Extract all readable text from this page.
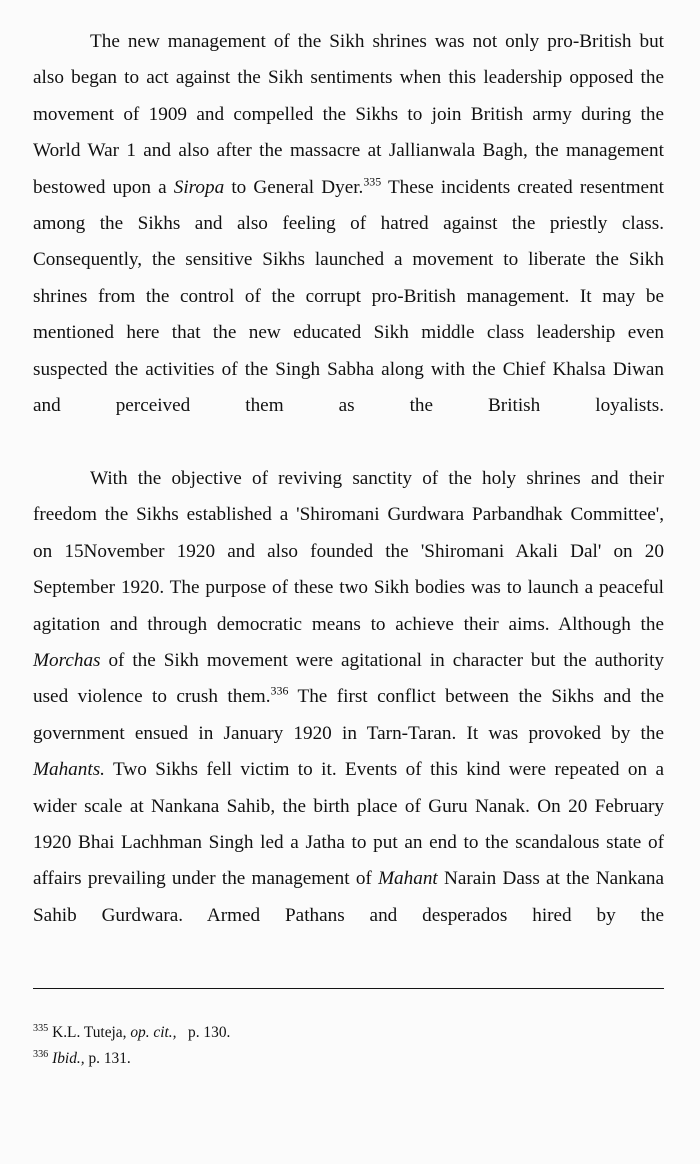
The new management of the Sikh shrines was not only pro-British but also began to act against the Sikh sentiments when this leadership opposed the movement of 1909 and compelled the Sikhs to join British army during the World War 1 and also after the massacre at Jallianwala Bagh, the management bestowed upon a Siropa to General Dyer.$^{335}$ These incidents created resentment among the Sikhs and also feeling of hatred against the priestly class. Consequently, the sensitive Sikhs launched a movement to liberate the Sikh shrines from the control of the corrupt pro-British management. It may be mentioned here that the new educated Sikh middle class leadership even suspected the activities of the Singh Sabha along with the Chief Khalsa Diwan and perceived them as the British loyalists.

With the objective of reviving sanctity of the holy shrines and their freedom the Sikhs established a 'Shiromani Gurdwara Parbandhak Committee', on 15November 1920 and also founded the 'Shiromani Akali Dal' on 20 September 1920. The purpose of these two Sikh bodies was to launch a peaceful agitation and through democratic means to achieve their aims. Although the Morchas of the Sikh movement were agitational in character but the authority used violence to crush them.$^{336}$ The first conflict between the Sikhs and the government ensued in January 1920 in Tarn-Taran. It was provoked by the Mahants. Two Sikhs fell victim to it. Events of this kind were repeated on a wider scale at Nankana Sahib, the birth place of Guru Nanak. On 20 February 1920 Bhai Lachhman Singh led a Jatha to put an end to the scandalous state of affairs prevailing under the management of Mahant Narain Dass at the Nankana Sahib Gurdwara. Armed Pathans and desperados hired by the

$^{335}$ K.L. Tuteja, op. cit.,   p. 130.

$^{336}$ Ibid., p. 131.
